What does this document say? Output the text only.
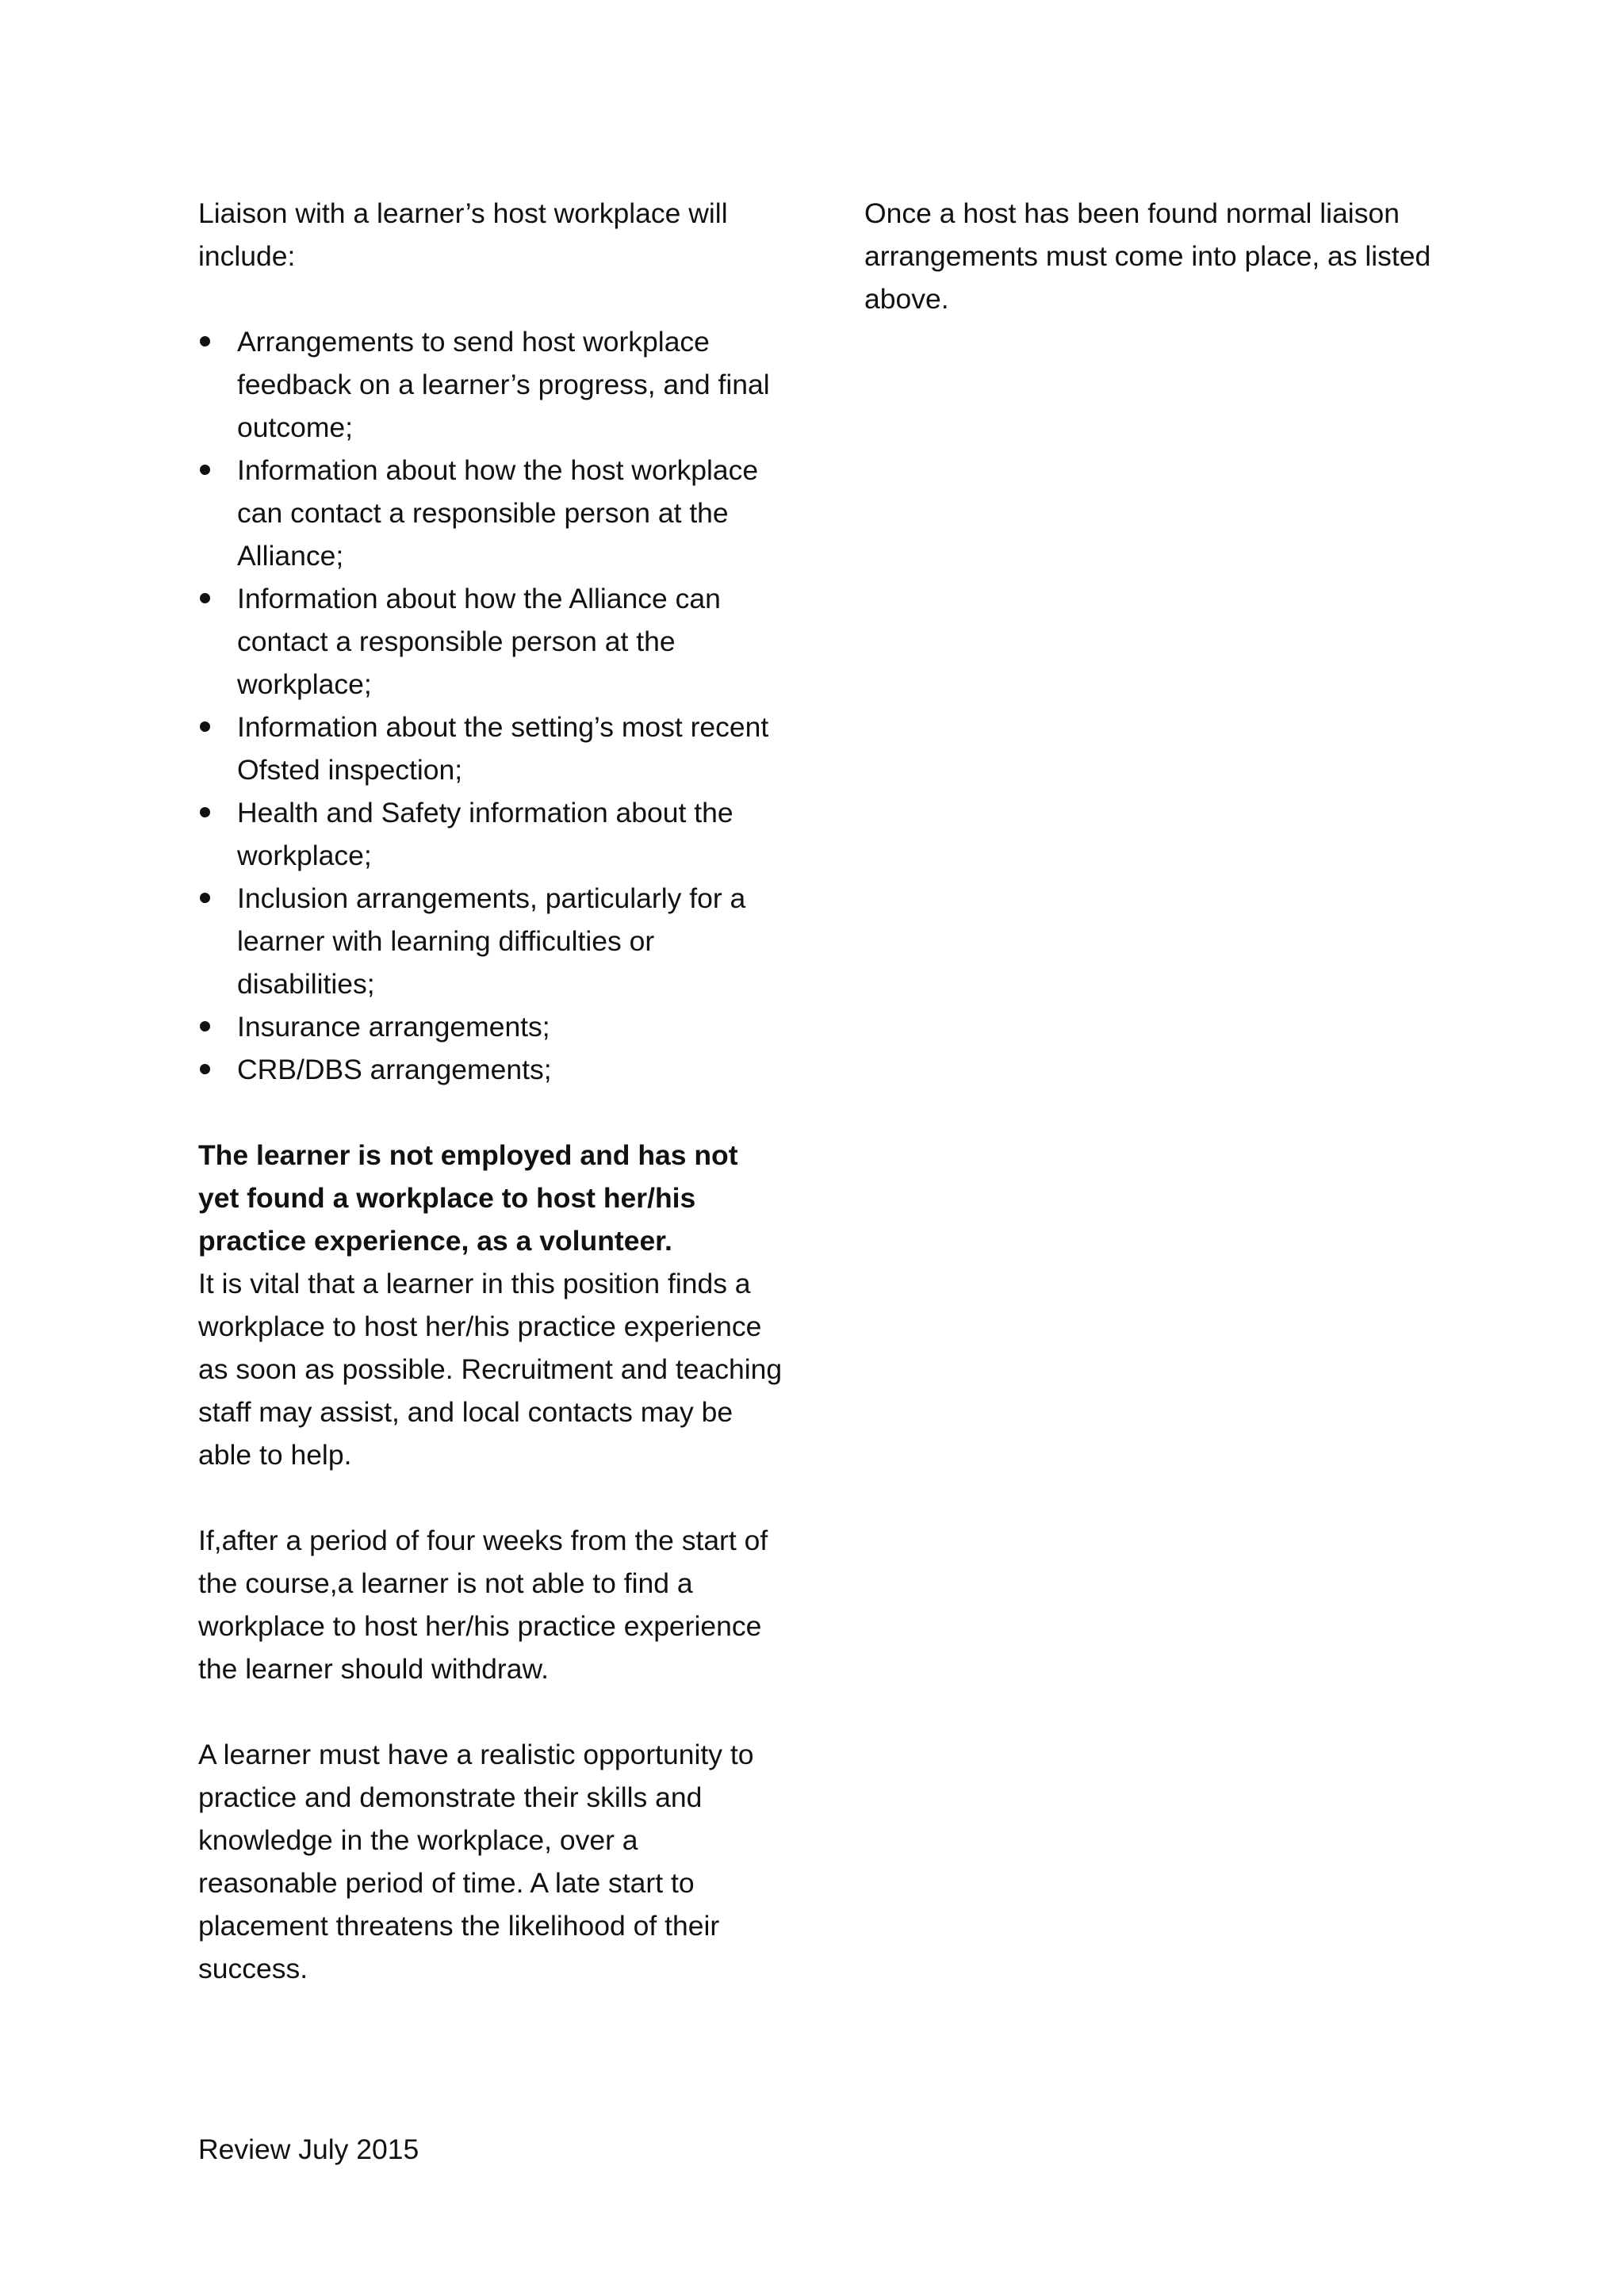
Liaison with a learner’s host workplace will include:

Arrangements to send host workplace feedback on a learner’s progress, and final outcome;
Information about how the host workplace can contact a responsible person at the Alliance;
Information about how the Alliance can contact a responsible person at the workplace;
Information about the setting’s most recent Ofsted inspection;
Health and Safety information about the workplace;
Inclusion arrangements, particularly for a learner with learning difficulties or disabilities;
Insurance arrangements;
CRB/DBS arrangements;

The learner is not employed and has not yet found a workplace to host her/his practice experience, as a volunteer.

It is vital that a learner in this position finds a workplace to host her/his practice experience as soon as possible. Recruitment and teaching staff may assist, and local contacts may be able to help.

If,after a period of four weeks from the start of the course,a learner is not able to find a workplace to host her/his practice experience the learner should withdraw.

A learner must have a realistic opportunity to practice and demonstrate their skills and knowledge in the workplace, over a reasonable period of time. A late start to placement threatens the likelihood of their success.

Once a host has been found normal liaison arrangements must come into place, as listed above.

Review July 2015
